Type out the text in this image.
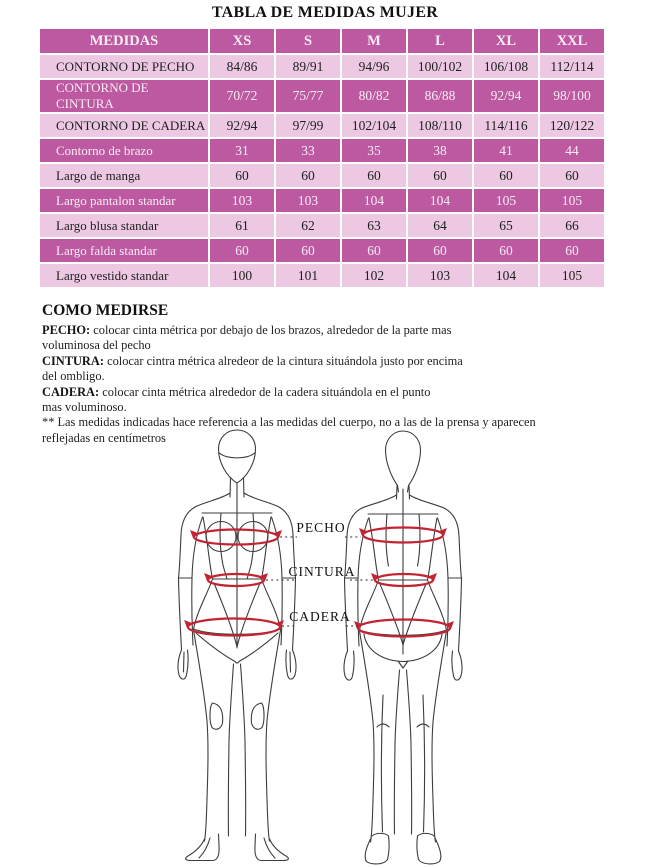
TABLA DE MEDIDAS MUJER
MEDIDAS	XS	S	M	L	XL	XXL
CONTORNO DE PECHO	84/86	89/91	94/96	100/102	106/108	112/114
CONTORNO DE CINTURA	70/72	75/77	80/82	86/88	92/94	98/100
CONTORNO DE CADERA	92/94	97/99	102/104	108/110	114/116	120/122
Contorno de brazo	31	33	35	38	41	44
Largo de manga	60	60	60	60	60	60
Largo pantalon standar	103	103	104	104	105	105
Largo blusa standar	61	62	63	64	65	66
Largo falda standar	60	60	60	60	60	60
Largo vestido standar	100	101	102	103	104	105
COMO MEDIRSE
PECHO: colocar cinta métrica por debajo de los brazos, alrededor de la parte mas
voluminosa del pecho
CINTURA: colocar cintra métrica alredeor de la cintura situándola justo por encima
del ombligo.
CADERA: colocar cinta métrica alrededor de la cadera situándola en el punto
mas voluminoso.
** Las medidas indicadas hace referencia a las medidas del cuerpo, no a las de la prensa y aparecen
reflejadas en centímetros
PECHO
CINTURA
CADERA
